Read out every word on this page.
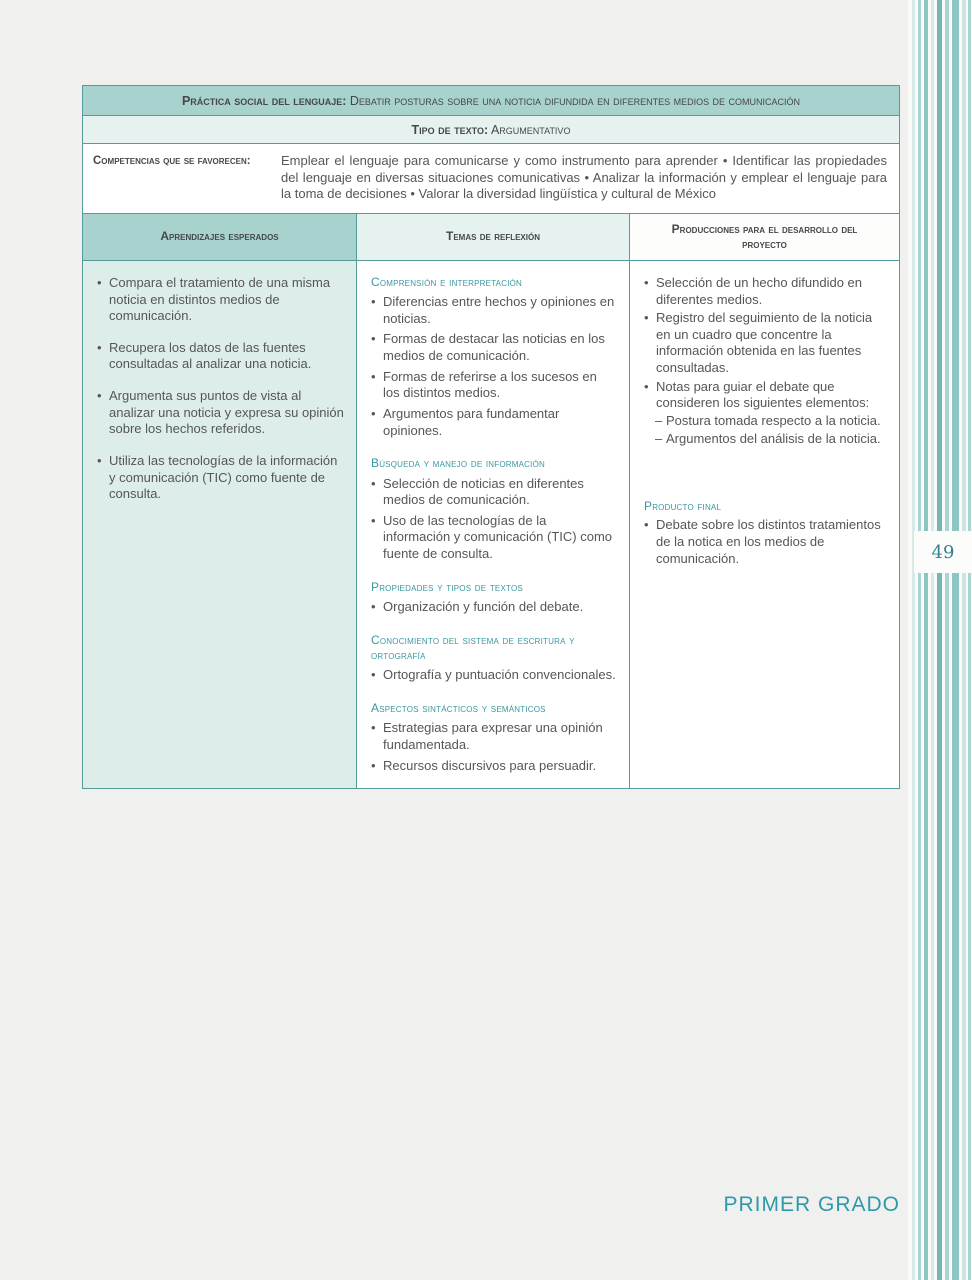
49
Práctica social del lenguaje: Debatir posturas sobre una noticia difundida en diferentes medios de comunicación
Tipo de texto: Argumentativo
Competencias que se favorecen:	Emplear el lenguaje para comunicarse y como instrumento para aprender • Identificar las propiedades del lenguaje en diversas situaciones comunicativas • Analizar la información y emplear el lenguaje para la toma de decisiones • Valorar la diversidad lingüística y cultural de México
Aprendizajes esperados	Temas de reflexión
Producciones para el desarrollo del proyecto
• Compara el tratamiento de una misma noticia en distintos medios de comunicación.
• Recupera los datos de las fuentes consultadas al analizar una noticia.
• Argumenta sus puntos de vista al analizar una noticia y expresa su opinión sobre los hechos referidos.
• Utiliza las tecnologías de la información y comunicación (TIC) como fuente de consulta.
Comprensión e interpretación
• Diferencias entre hechos y opiniones en noticias.
• Formas de destacar las noticias en los medios de comunicación.
• Formas de referirse a los sucesos en los distintos medios.
• Argumentos para fundamentar opiniones.
Búsqueda y manejo de información
• Selección de noticias en diferentes medios de comunicación.
• Uso de las tecnologías de la información y comunicación (TIC) como fuente de consulta.
Propiedades y tipos de textos
• Organización y función del debate.
Conocimiento del sistema de escritura y ortografía
• Ortografía y puntuación convencionales.
Aspectos sintácticos y semánticos
• Estrategias para expresar una opinión fundamentada.
• Recursos discursivos para persuadir.
• Selección de un hecho difundido en diferentes medios.
• Registro del seguimiento de la noticia en un cuadro que concentre la información obtenida en las fuentes consultadas.
• Notas para guiar el debate que consideren los siguientes elementos:
– Postura tomada respecto a la noticia.
– Argumentos del análisis de la noticia.
Producto final
• Debate sobre los distintos tratamientos de la notica en los medios de comunicación.
PRIMER GRADO
